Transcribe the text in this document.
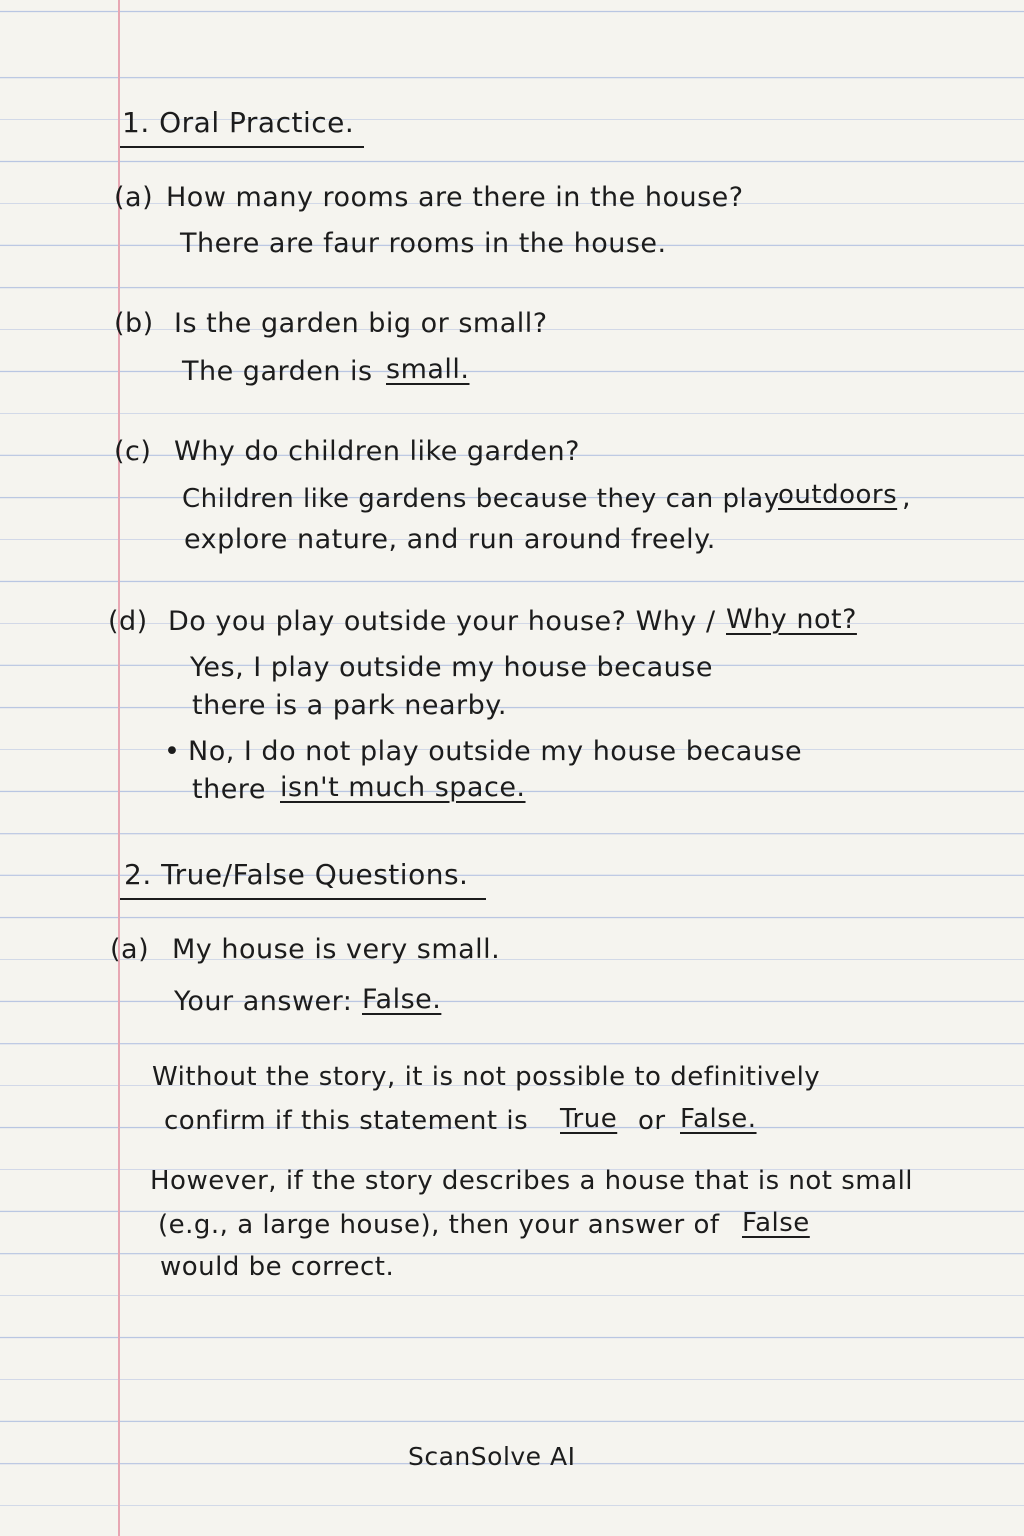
1. Oral Practice.
(a) How many rooms are there in the house?
There are faur rooms in the house.
(b) Is the garden big or small?
The garden is small.
(c) Why do children like garden?
Children like gardens because they can play
outdoors ,
explore nature, and run around freely.
(d) Do you play outside your house? Why / Why not?
Yes, I play outside my house because
there is a park nearby.
• No, I do not play outside my house because
there isn't much space.
2. True/False Questions.
(a) My house is very small.
Your answer: False.
Without the story, it is not possible to definitively
confirm if this statement is True or False.
However, if the story describes a house that is not small
(e.g., a large house), then your answer of False
would be correct.
ScanSolve AI
